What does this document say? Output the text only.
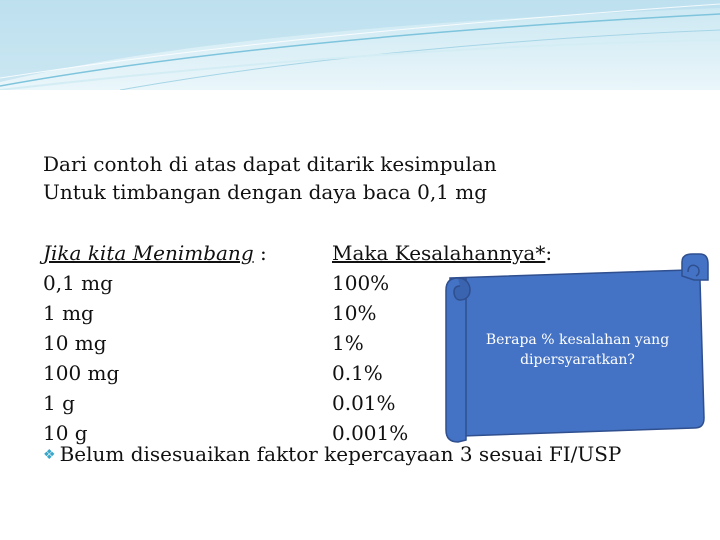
Dari contoh di atas dapat ditarik kesimpulan
Untuk timbangan dengan daya baca 0,1 mg
Jika kita Menimbang :
0,1 mg
1 mg
10 mg
100 mg
1 g
10 g
Maka Kesalahannya*:
100%
10%
1%
0.1%
0.01%
0.001%
Berapa % kesalahan yang dipersyaratkan?
❖ Belum disesuaikan faktor kepercayaan 3 sesuai FI/USP
